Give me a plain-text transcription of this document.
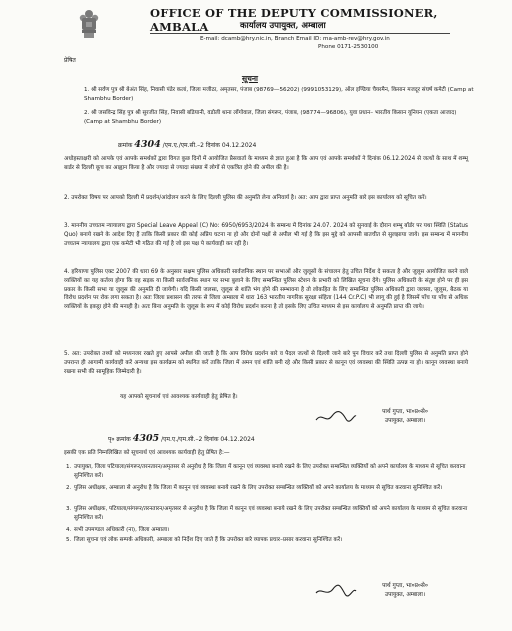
OFFICE OF THE DEPUTY COMMISSIONER, AMBALA	कार्यालय उपायुक्त, अम्बाला
E-mail: dcamb@hry.nic.in, Branch Email ID: ma-amb-rev@hry.gov.in
Phone 0171-2530100
प्रेषित
सूचना
1. श्री सर्वण पुत्र श्री बेअंत सिंह, निवासी पंडेर कलां, जिला मजीठा, अमृतसर, पंजाब (98769—56202) (9991053129), ऑल इण्डिया चैयरमैन, किसान मजदूर संघर्ष कमेटी (Camp at Shambhu Border)
2. श्री जसविन्द्र सिंह पुत्र श्री सुरजीत सिंह, निवासी बडियानी, वडोली थाना लोंगोवाल, जिला संगरूर, पंजाब, (98774—96806), युवा प्रधान– भारतीय किसान यूनियन (एकता आजाद) (Camp at Shambhu Border)
क्रमांक 4304 /एम.ए./एम.सी.–2 दिनांक 04.12.2024
अधोहस्ताक्षरी को आपके एवं आपके समर्थकों द्वारा विगत कुछ दिनों में आयोजित प्रैसवार्ता के माध्यम से ज्ञात हुआ है कि आप एवं आपके समर्थकों ने दिनांक 06.12.2024 से जत्थों के साथ में शम्भू बार्डर से दिल्ली कूच का आह्वान किया है और ज्यादा से ज्यादा संख्या में लोगों से एकत्रित होने की अपील की है।
2. उपरोक्त विषय पर आपको दिल्ली में प्रदर्शन/आंदोलन करने के लिए दिल्ली पुलिस की अनुमति लेना अनिवार्य है। अत: आप द्वारा प्राप्त अनुमति बारे इस कार्यालय को सूचित करें।
3. माननीय उच्चतम न्यायालय द्वारा Special Leave Appeal (C) No: 6950/6953/2024 के सम्बन्ध में दिनांक 24.07. 2024 को सुनवाई के दौरान शम्भू बॉर्डर पर यथा स्थिति (Status Quo) बनाये रखने के आदेश दिए हैं ताकि किसी प्रकार की कोई अप्रिय घटना ना हो और दोनों पक्षों से अपील भी गई है कि इस मुद्दे को आपसी बातचीत से सुलझाया जाये। इस सम्बन्ध में माननीय उच्चतम न्यायालय द्वारा एक कमेटी भी गठित की गई है जो इस पक्ष पे कार्यवाही कर रही है।
4. हरियाणा पुलिस एक्ट 2007 की धारा 69 के अनुसार सक्षम पुलिस अधिकारी सार्वजनिक स्थान पर सभाओं और जुलूसों के संचालन हेतु उचित निर्देश दे सकता है और जुलूस आयोजित करने वाले व्यक्तियों का यह कर्तव्य होगा कि वह सड़क या किसी सार्वजनिक स्थान पर सभा बुलाने के लिए सम्बन्धित पुलिस स्टेशन के प्रभारी को लिखित सूचना देंगे। पुलिस अधिकारी के संतुष्ट होने पर ही इस प्रकार के किसी सभा या जुलूस की अनुमति दी जायेगी। यदि किसी जलसा, जुलूस से शांति भंग होने की सम्भावना है तो लोकहित के लिए सम्बन्धित पुलिस अधिकारी द्वारा जलसा, जुलूस, बैठक या विरोध प्रदर्शन पर रोक लगा सकता है। अतः जिला प्रशासन की तरफ से जिला अम्बाला में धारा 163 भारतीय नागरिक सुरक्षा संहिता (144 Cr.P.C) भी लागू की हुई है जिसमें पाँच या पाँच से अधिक व्यक्तियों के इकट्ठा होने की मनाही है। अतः बिना अनुमति के जुलूस के रूप में कोई विरोध प्रदर्शन करना है तो इसके लिए उचित माध्यम से इस कार्यालय से अनुमति प्राप्त की जाये।
5. अत: उपरोक्त तथ्यों को मध्यनजर रखते हुए आपसे अपील की जाती है कि आप विरोध प्रदर्शन बारे व पैदल जत्थों से दिल्ली जाने बारे पुन विचार करें तथा दिल्ली पुलिस से अनुमति प्राप्त होने उपरान्त ही आगामी कार्यवाही करें अन्यथा इस कार्यक्रम को स्थगित करें ताकि जिला में अमन एवं शांति बनी रहे और किसी प्रकार से कानून एवं व्यवस्था की स्थिति उत्पन्न ना हो। कानून व्यवस्था बनाये रखना सभी की सामूहिक जिम्मेदारी है।
यह आपको सूचनार्थ एवं आवश्यक कार्यवाही हेतु प्रेषित है।
पार्थ गुप्ता, भा०प्र०से०
उपायुक्त, अम्बाला।
पृ० क्रमांक 4305 /एम.ए./एम.सी.–2 दिनांक 04.12.2024
इसकी एक प्रति निम्नलिखित को सूचनार्थ एवं आवश्यक कार्यवाही हेतु प्रेषित है:—
1. उपायुक्त, जिला पटियाला/संगरूर/तरनतारन/अमृतसर से अनुरोध है कि जिला में कानून एवं व्यवस्था बनाये रखने के लिए उपरोक्त सम्बन्धित व्यक्तियों को अपने कार्यालय के माध्यम से सूचित करवाना सुनिश्चित करें।
2. पुलिस अधीक्षक, अम्बाला से अनुरोध है कि जिला में कानून एवं व्यवस्था बनाये रखने के लिए उपरोक्त सम्बन्धित व्यक्तियों को अपने कार्यालय के माध्यम से सूचित करवाना सुनिश्चित करें।
3. पुलिस अधीक्षक, पटियाला/संगरूर/तरनतारन/अमृतसर से अनुरोध है कि जिला में कानून एवं व्यवस्था बनाये रखने के लिए उपरोक्त सम्बन्धित व्यक्तियों को अपने कार्यालय के माध्यम से सूचित करवाना सुनिश्चित करें।
4. सभी उपमण्डल अधिकारी (ना), जिला अम्बाला।
5. जिला सूचना एवं लोक सम्पर्क अधिकारी, अम्बाला को निर्देश दिए जाते हैं कि उपरोक्त बारे व्यापक प्रचार–प्रसार करवाना सुनिश्चित करें।
पार्थ गुप्ता, भा०प्र०से०
उपायुक्त, अम्बाला।
